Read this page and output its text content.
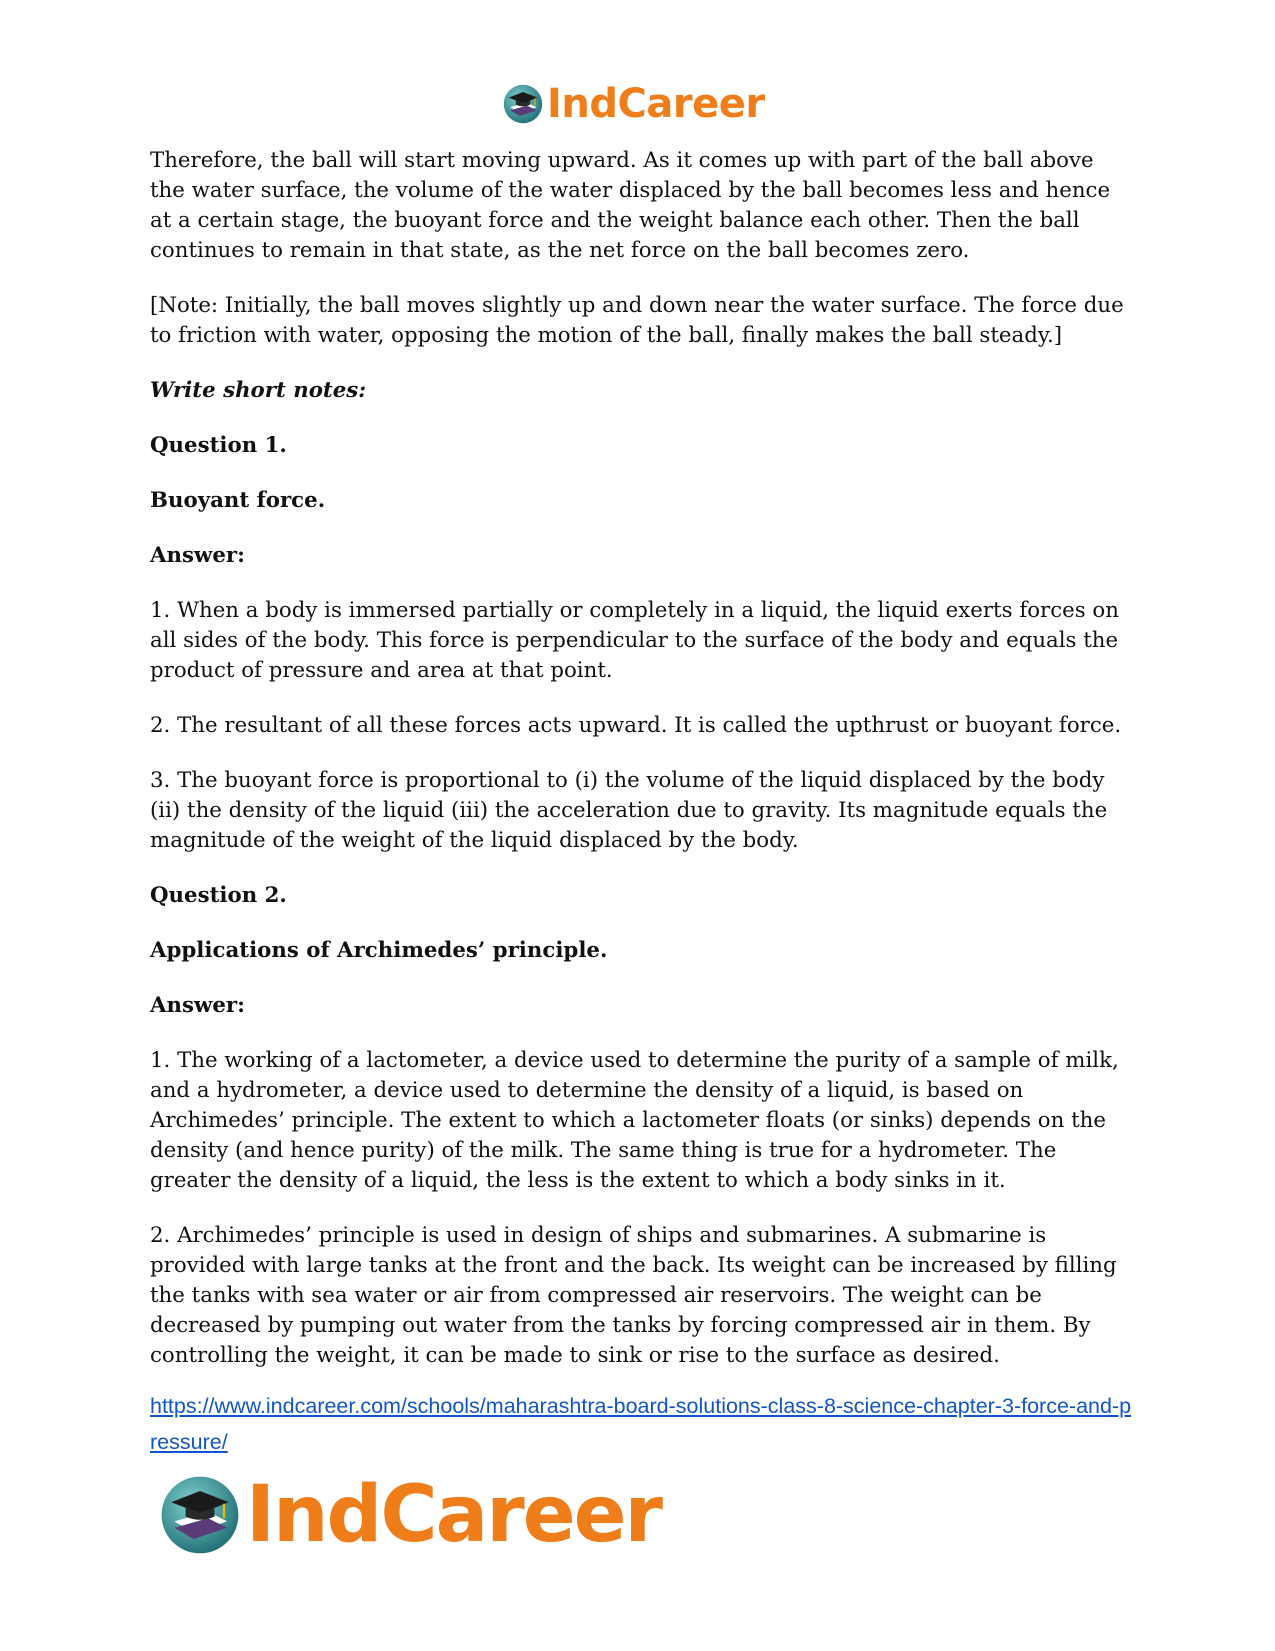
IndCareer

Therefore, the ball will start moving upward. As it comes up with part of the ball above the water surface, the volume of the water displaced by the ball becomes less and hence at a certain stage, the buoyant force and the weight balance each other. Then the ball continues to remain in that state, as the net force on the ball becomes zero.

[Note: Initially, the ball moves slightly up and down near the water surface. The force due to friction with water, opposing the motion of the ball, finally makes the ball steady.]

Write short notes:

Question 1.

Buoyant force.

Answer:

1. When a body is immersed partially or completely in a liquid, the liquid exerts forces on all sides of the body. This force is perpendicular to the surface of the body and equals the product of pressure and area at that point.

2. The resultant of all these forces acts upward. It is called the upthrust or buoyant force.

3. The buoyant force is proportional to (i) the volume of the liquid displaced by the body (ii) the density of the liquid (iii) the acceleration due to gravity. Its magnitude equals the magnitude of the weight of the liquid displaced by the body.

Question 2.

Applications of Archimedes’ principle.

Answer:

1. The working of a lactometer, a device used to determine the purity of a sample of milk, and a hydrometer, a device used to determine the density of a liquid, is based on Archimedes’ principle. The extent to which a lactometer floats (or sinks) depends on the density (and hence purity) of the milk. The same thing is true for a hydrometer. The greater the density of a liquid, the less is the extent to which a body sinks in it.

2. Archimedes’ principle is used in design of ships and submarines. A submarine is provided with large tanks at the front and the back. Its weight can be increased by filling the tanks with sea water or air from compressed air reservoirs. The weight can be decreased by pumping out water from the tanks by forcing compressed air in them. By controlling the weight, it can be made to sink or rise to the surface as desired.

https://www.indcareer.com/schools/maharashtra-board-solutions-class-8-science-chapter-3-force-and-pressure/
IndCareer
